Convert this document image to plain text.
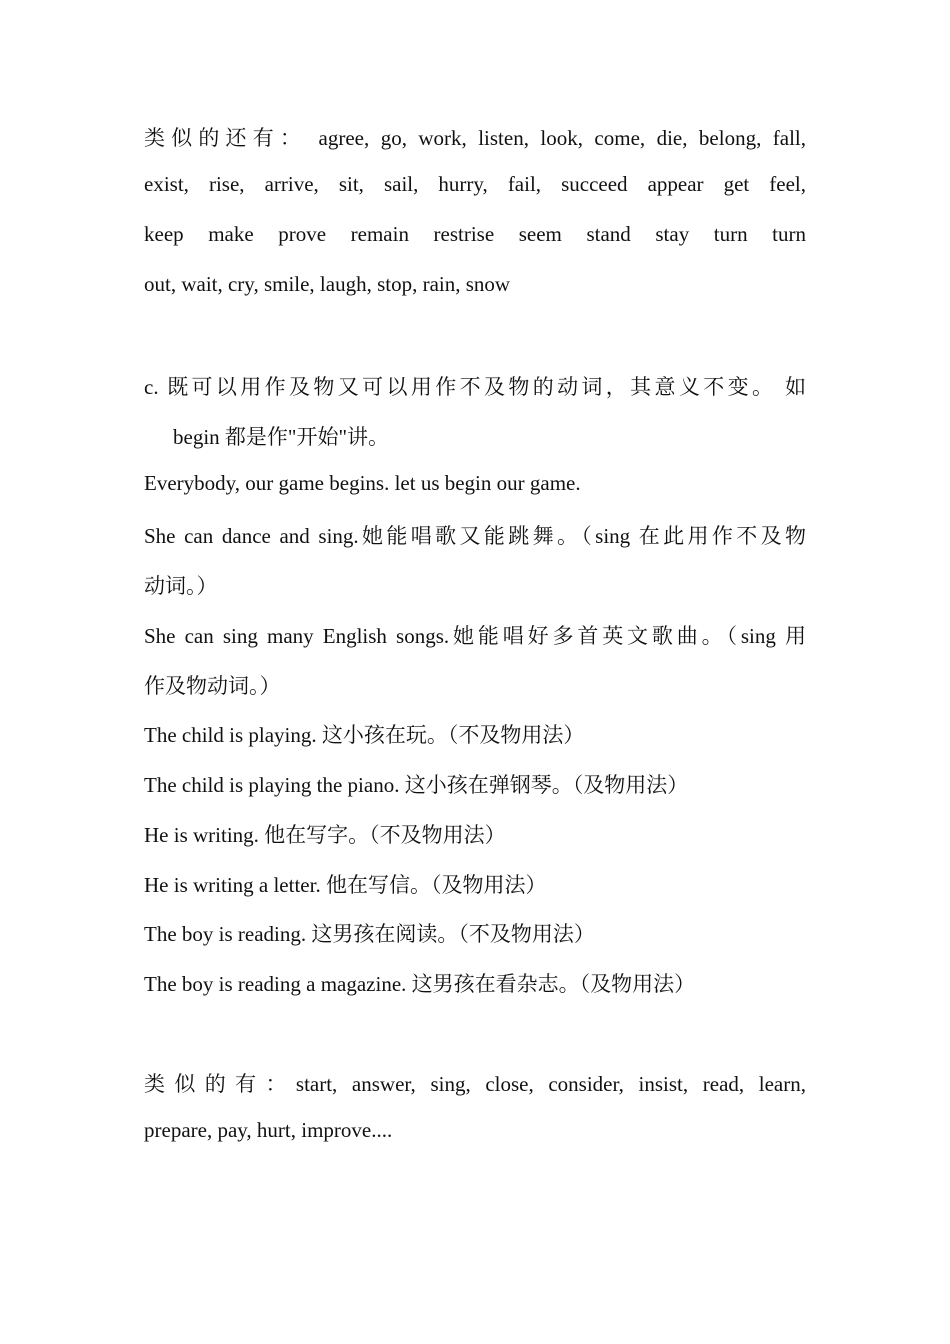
类似的还有： agree, go, work, listen, look, come, die, belong, fall,

exist, rise, arrive, sit, sail, hurry, fail, succeed appear get feel,

keep make prove remain restrise seem stand stay turn turn

out, wait, cry, smile, laugh, stop, rain, snow

c. 既可以用作及物又可以用作不及物的动词，其意义不变。 如

begin 都是作"开始"讲。

Everybody, our game begins. let us begin our game.

She can dance and sing.她能唱歌又能跳舞。（sing 在此用作不及物

动词。）

She can sing many English songs.她能唱好多首英文歌曲。（sing 用

作及物动词。）

The child is playing. 这小孩在玩。（不及物用法）

The child is playing the piano. 这小孩在弹钢琴。（及物用法）

He is writing. 他在写字。（不及物用法）

He is writing a letter. 他在写信。（及物用法）

The boy is reading. 这男孩在阅读。（不及物用法）

The boy is reading a magazine. 这男孩在看杂志。（及物用法）

类似的有：start, answer, sing, close, consider, insist, read, learn,

prepare, pay, hurt, improve....
